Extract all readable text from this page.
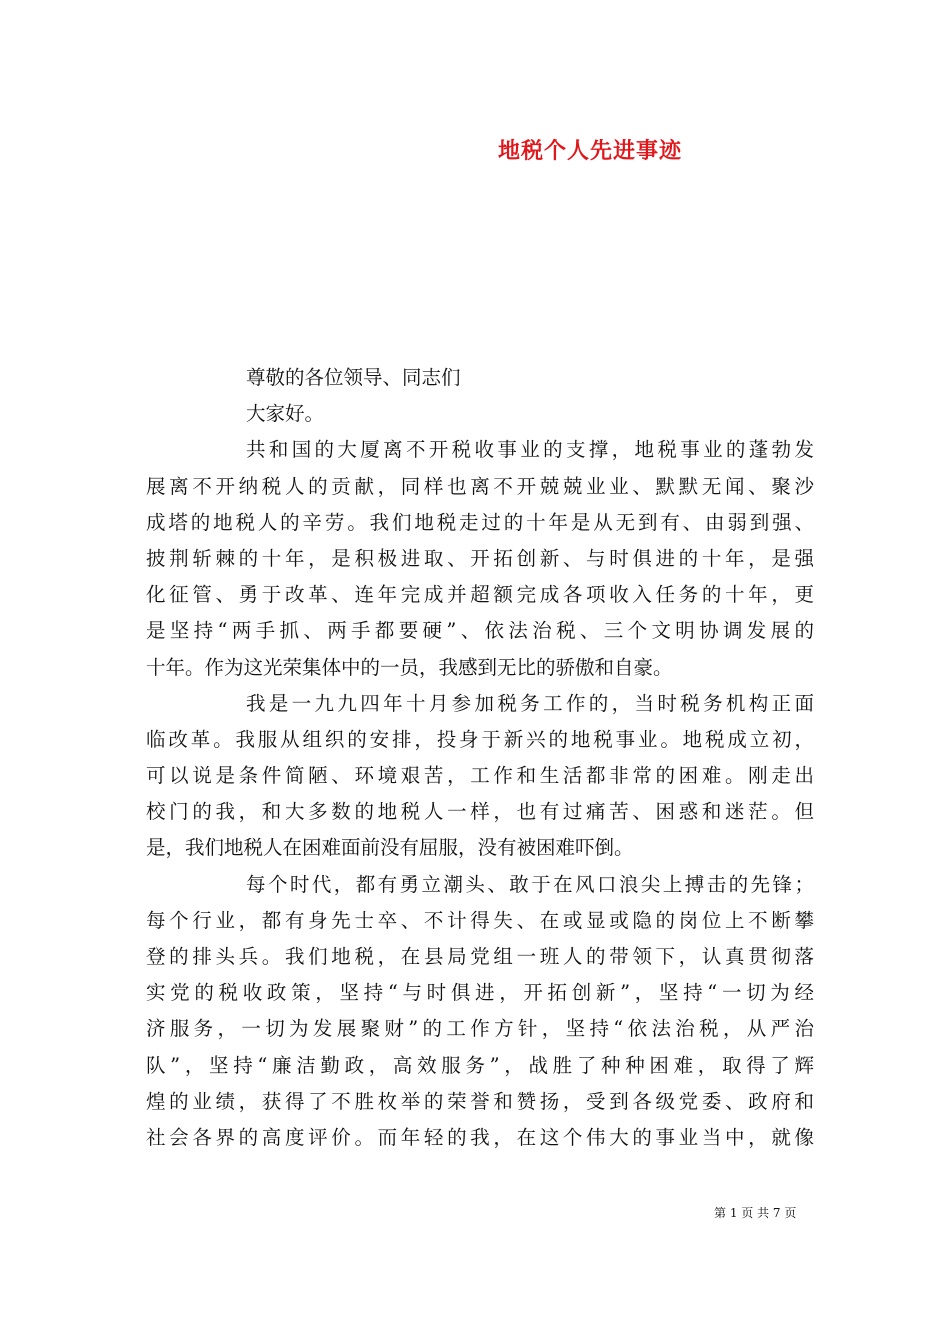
地税个人先进事迹
尊敬的各位领导、同志们
大家好。
共和国的大厦离不开税收事业的支撑，地税事业的蓬勃发
展离不开纳税人的贡献，同样也离不开兢兢业业、默默无闻、聚沙
成塔的地税人的辛劳。我们地税走过的十年是从无到有、由弱到强、
披荆斩棘的十年，是积极进取、开拓创新、与时俱进的十年，是强
化征管、勇于改革、连年完成并超额完成各项收入任务的十年，更
是坚持“两手抓、两手都要硬”、依法治税、三个文明协调发展的
十年。作为这光荣集体中的一员，我感到无比的骄傲和自豪。
我是一九九四年十月参加税务工作的，当时税务机构正面
临改革。我服从组织的安排，投身于新兴的地税事业。地税成立初，
可以说是条件简陋、环境艰苦，工作和生活都非常的困难。刚走出
校门的我，和大多数的地税人一样，也有过痛苦、困惑和迷茫。但
是，我们地税人在困难面前没有屈服，没有被困难吓倒。
每个时代，都有勇立潮头、敢于在风口浪尖上搏击的先锋；
每个行业，都有身先士卒、不计得失、在或显或隐的岗位上不断攀
登的排头兵。我们地税，在县局党组一班人的带领下，认真贯彻落
实党的税收政策，坚持“与时俱进，开拓创新”，坚持“一切为经
济服务，一切为发展聚财”的工作方针，坚持“依法治税，从严治
队”，坚持“廉洁勤政，高效服务”，战胜了种种困难，取得了辉
煌的业绩，获得了不胜枚举的荣誉和赞扬，受到各级党委、政府和
社会各界的高度评价。而年轻的我，在这个伟大的事业当中，就像
第 1 页 共 7 页
